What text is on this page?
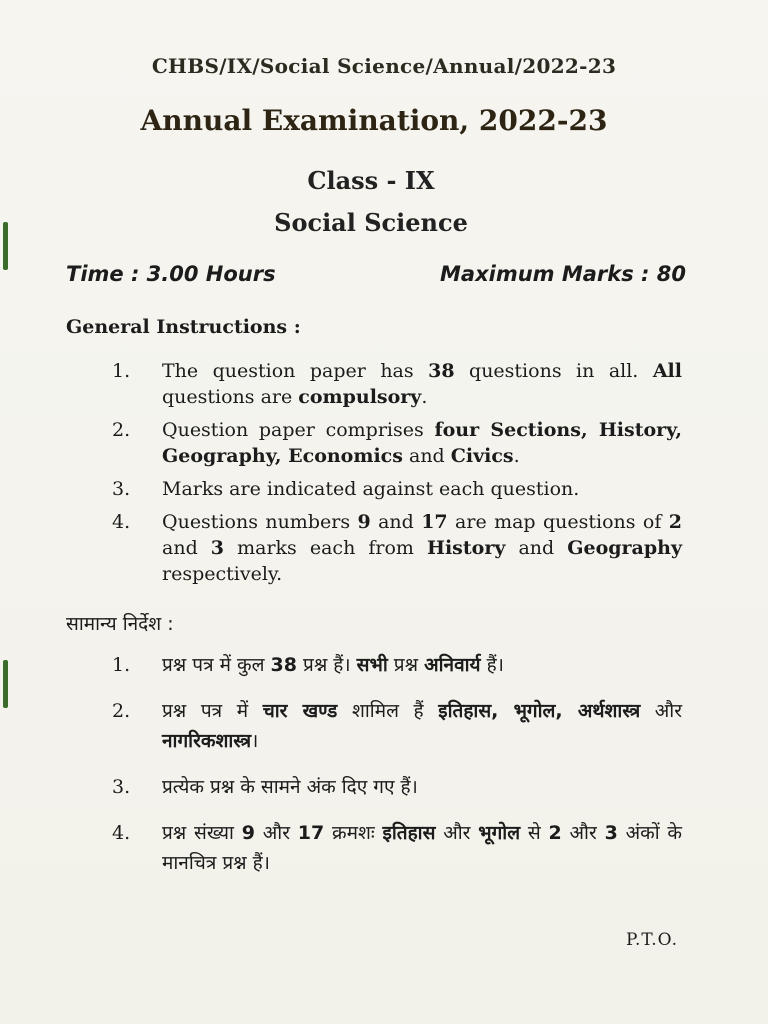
CHBS/IX/Social Science/Annual/2022-23
Annual Examination, 2022-23
Class - IX
Social Science
Time : 3.00 Hours	Maximum Marks : 80
General Instructions :
1.	The question paper has 38 questions in all. All questions are compulsory.
2.	Question paper comprises four Sections, History, Geography, Economics and Civics.
3.	Marks are indicated against each question.
4.	Questions numbers 9 and 17 are map questions of 2 and 3 marks each from History and Geography respectively.
सामान्य निर्देश :
1.	प्रश्न पत्र में कुल 38 प्रश्न हैं। सभी प्रश्न अनिवार्य हैं।
2.	प्रश्न पत्र में चार खण्ड शामिल हैं इतिहास, भूगोल, अर्थशास्त्र और नागरिकशास्त्र।
3.	प्रत्येक प्रश्न के सामने अंक दिए गए हैं।
4.	प्रश्न संख्या 9 और 17 क्रमशः इतिहास और भूगोल से 2 और 3 अंकों के मानचित्र प्रश्न हैं।
P.T.O.
